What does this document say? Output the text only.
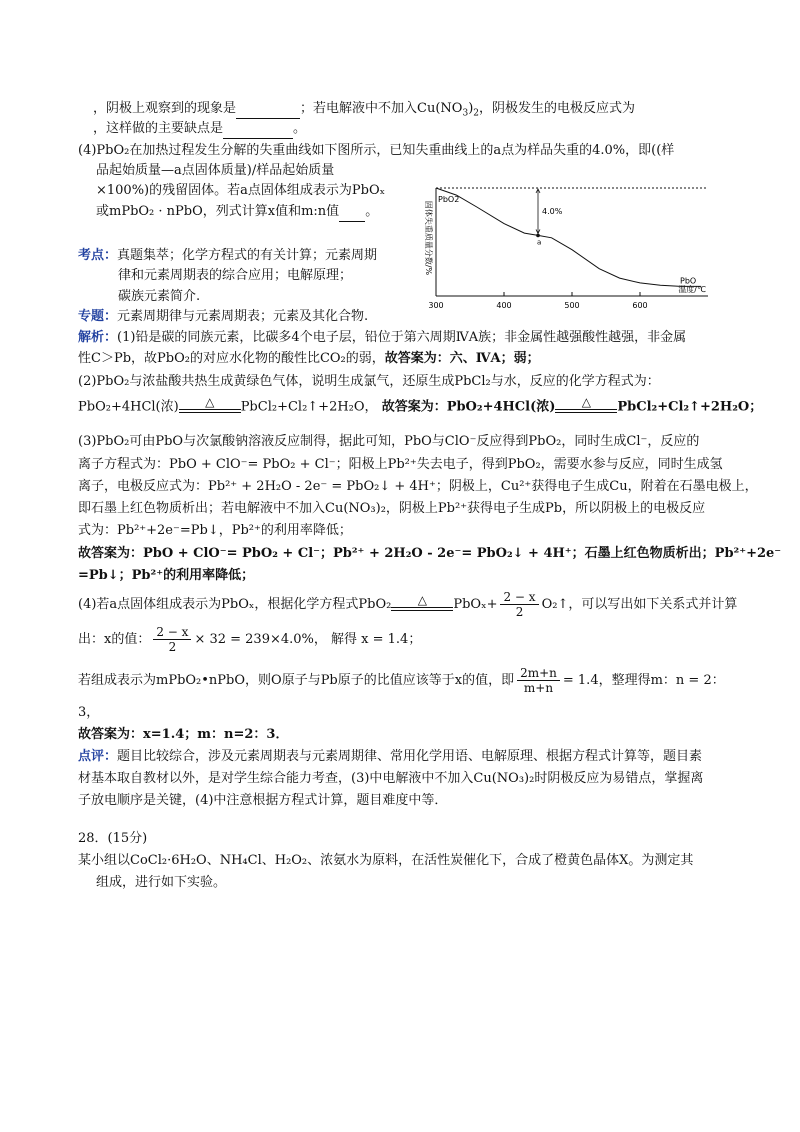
，阴极上观察到的现象是	；若电解液中不加入$Cu(NO_3)_2$，阴极发生的电极反应式为
，这样做的主要缺点是	。
(4)PbO₂在加热过程发生分解的失重曲线如下图所示，已知失重曲线上的a点为样品失重的4.0%，即((样
品起始质量—a点固体质量)/样品起始质量
×100%)的残留固体。若a点固体组成表示为PbOₓ
或mPbO₂ · nPbO，列式计算x值和m:n值 。
300	400	500	600
温度/℃
固体失重质量分数/%	a
4.0%
PbO2
PbO
考点：真题集萃；化学方程式的有关计算；元素周期
律和元素周期表的综合应用；电解原理；
碳族元素简介.
专题：元素周期律与元素周期表；元素及其化合物.
解析：(1)铅是碳的同族元素，比碳多4个电子层，铅位于第六周期ⅣA族；非金属性越强酸性越强，非金属
性C＞Pb，故PbO₂的对应水化物的酸性比CO₂的弱，故答案为：六、ⅣA；弱；
(2)PbO₂与浓盐酸共热生成黄绿色气体，说明生成氯气，还原生成PbCl₂与水，反应的化学方程式为：
PbO₂+4HCl(浓)	△	PbCl₂+Cl₂↑+2H₂O， 故答案为：PbO₂+4HCl(浓)	△	PbCl₂+Cl₂↑+2H₂O；
(3)PbO₂可由PbO与次氯酸钠溶液反应制得，据此可知，PbO与ClO⁻反应得到PbO₂，同时生成Cl⁻，反应的
离子方程式为：PbO + ClO⁻= PbO₂ + Cl⁻；阳极上Pb²⁺失去电子，得到PbO₂，需要水参与反应，同时生成氢
离子，电极反应式为：Pb²⁺ + 2H₂O - 2e⁻ = PbO₂↓ + 4H⁺；阴极上，Cu²⁺获得电子生成Cu，附着在石墨电极上，
即石墨上红色物质析出；若电解液中不加入Cu(NO₃)₂，阴极上Pb²⁺获得电子生成Pb，所以阴极上的电极反应
式为：Pb²⁺+2e⁻=Pb↓，Pb²⁺的利用率降低；
故答案为：PbO + ClO⁻= PbO₂ + Cl⁻；Pb²⁺ + 2H₂O - 2e⁻= PbO₂↓ + 4H⁺；石墨上红色物质析出；Pb²⁺+2e⁻
=Pb↓；Pb²⁺的利用率降低；
(4)若a点固体组成表示为PbOₓ，根据化学方程式PbO₂	△	$PbO_x+ \frac{2 - x}{2}$ O₂↑，可以写出如下关系式并计算
出：x的值： $\frac{2 - x}{2} \times 32 = 239\times 4.0\%$， 解得 x = 1.4；
若组成表示为mPbO₂•nPbO，则O原子与Pb原子的比值应该等于x的值，即 $\frac{2m+n}{m+n} = 1.4$，整理得m：n = 2：
3，
故答案为：x=1.4；m：n=2：3．
点评：题目比较综合，涉及元素周期表与元素周期律、常用化学用语、电解原理、根据方程式计算等，题目素
材基本取自教材以外，是对学生综合能力考查，(3)中电解液中不加入Cu(NO₃)₂时阴极反应为易错点，掌握离
子放电顺序是关键，(4)中注意根据方程式计算，题目难度中等．
28．(15分)
某小组以CoCl₂·6H₂O、NH₄Cl、H₂O₂、浓氨水为原料，在活性炭催化下，合成了橙黄色晶体X。为测定其
组成，进行如下实验。
